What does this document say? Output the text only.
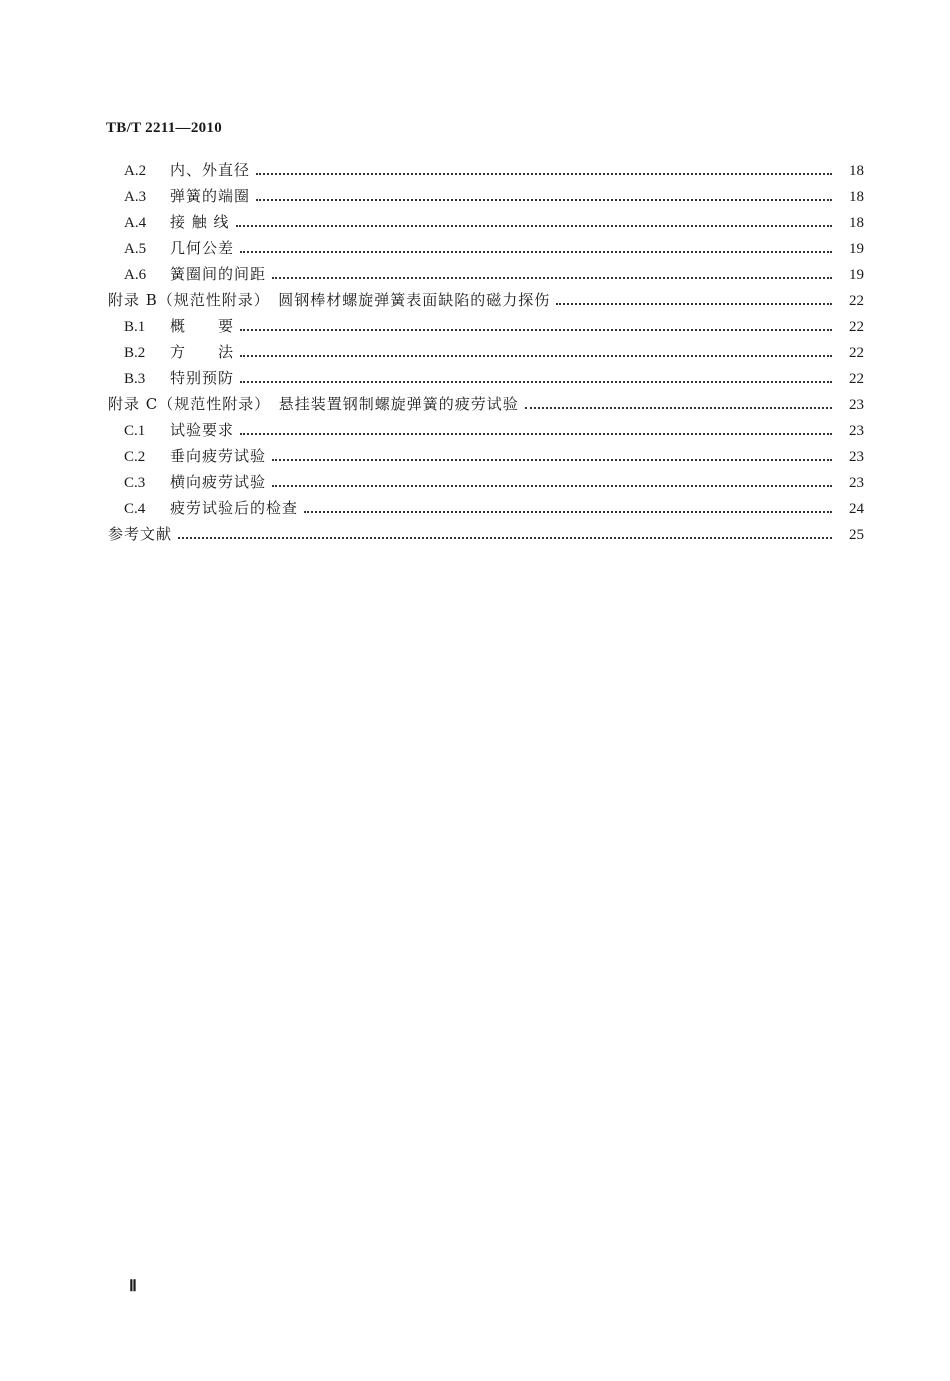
TB/T 2211—2010
A.2	内、外直径	18
A.3	弹簧的端圈	18
A.4	接 触 线	18
A.5	几何公差	19
A.6	簧圈间的间距	19
附录 B（规范性附录）　圆钢棒材螺旋弹簧表面缺陷的磁力探伤	22
B.1	概　　要	22
B.2	方　　法	22
B.3	特别预防	22
附录 C（规范性附录）　悬挂装置钢制螺旋弹簧的疲劳试验	23
C.1	试验要求	23
C.2	垂向疲劳试验	23
C.3	横向疲劳试验	23
C.4	疲劳试验后的检查	24
参考文献	25
Ⅱ
